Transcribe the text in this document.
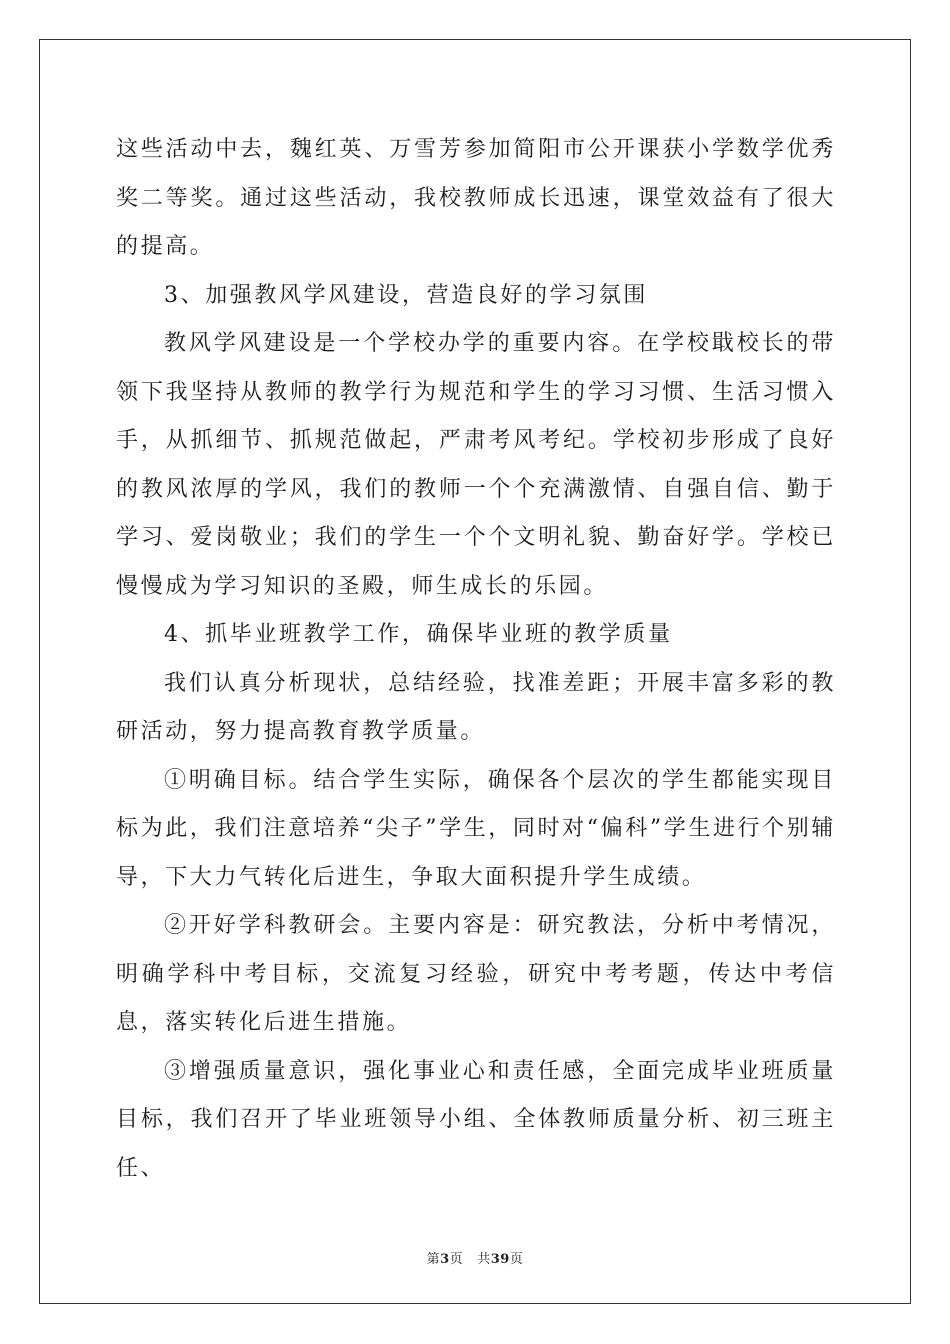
这些活动中去，魏红英、万雪芳参加简阳市公开课获小学数学优秀奖二等奖。通过这些活动，我校教师成长迅速，课堂效益有了很大的提高。

3、加强教风学风建设，营造良好的学习氛围

教风学风建设是一个学校办学的重要内容。在学校戢校长的带领下我坚持从教师的教学行为规范和学生的学习习惯、生活习惯入手，从抓细节、抓规范做起，严肃考风考纪。学校初步形成了良好的教风浓厚的学风，我们的教师一个个充满激情、自强自信、勤于学习、爱岗敬业；我们的学生一个个文明礼貌、勤奋好学。学校已慢慢成为学习知识的圣殿，师生成长的乐园。

4、抓毕业班教学工作，确保毕业班的教学质量

我们认真分析现状，总结经验，找准差距；开展丰富多彩的教研活动，努力提高教育教学质量。

①明确目标。结合学生实际，确保各个层次的学生都能实现目标为此，我们注意培养“尖子”学生，同时对“偏科”学生进行个别辅导，下大力气转化后进生，争取大面积提升学生成绩。

②开好学科教研会。主要内容是：研究教法，分析中考情况，明确学科中考目标，交流复习经验，研究中考考题，传达中考信息，落实转化后进生措施。

③增强质量意识，强化事业心和责任感，全面完成毕业班质量目标，我们召开了毕业班领导小组、全体教师质量分析、初三班主任、

第3页 共39页
